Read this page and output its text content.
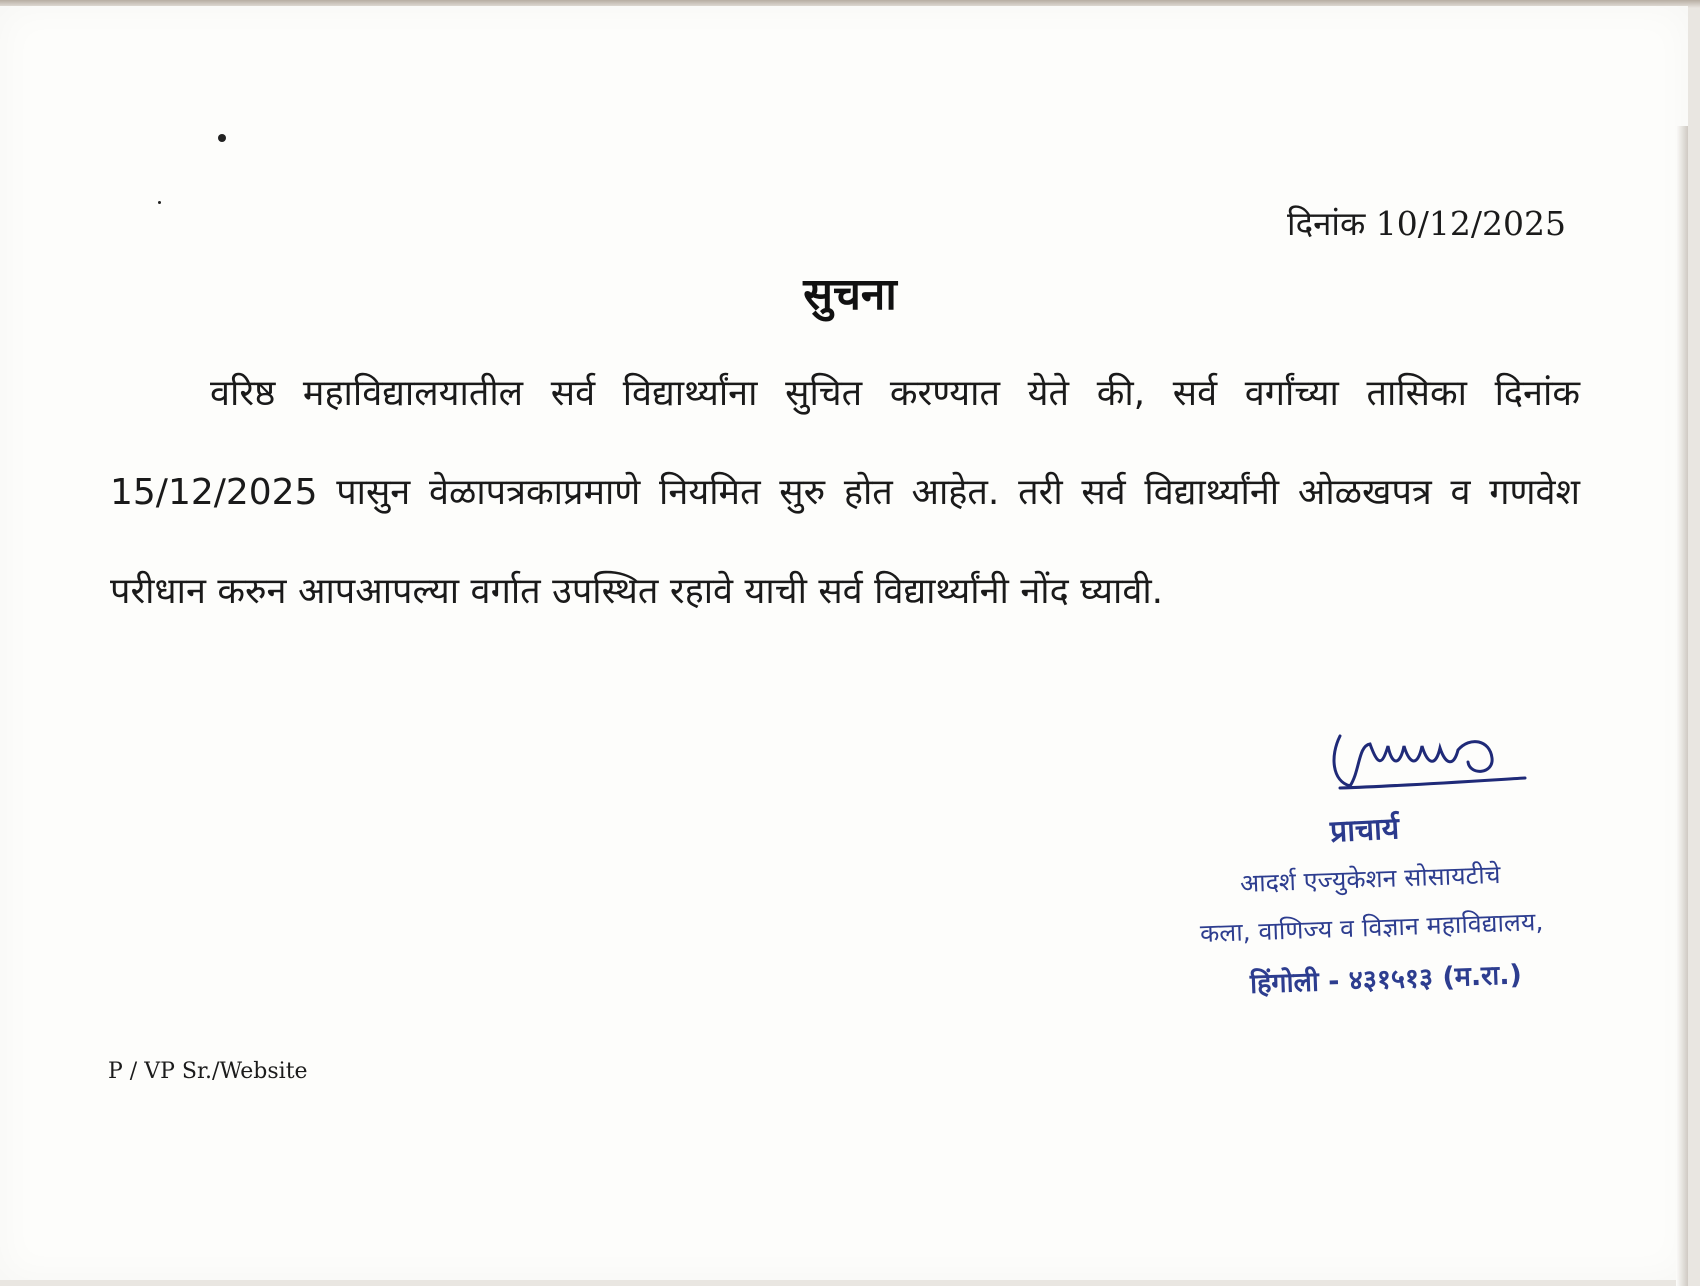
दिनांक 10/12/2025
सुचना
वरिष्ठ महाविद्यालयातील सर्व विद्यार्थ्यांना सुचित करण्यात येते की, सर्व वर्गांच्या तासिका दिनांक 15/12/2025 पासुन वेळापत्रकाप्रमाणे नियमित सुरु होत आहेत. तरी सर्व विद्यार्थ्यांनी ओळखपत्र व गणवेश परीधान करुन आपआपल्या वर्गात उपस्थित रहावे याची सर्व विद्यार्थ्यांनी नोंद घ्यावी.
प्राचार्य
आदर्श एज्युकेशन सोसायटीचे
कला, वाणिज्य व विज्ञान महाविद्यालय,
हिंगोली - ४३१५१३ (म.रा.)
P / VP Sr./Website
